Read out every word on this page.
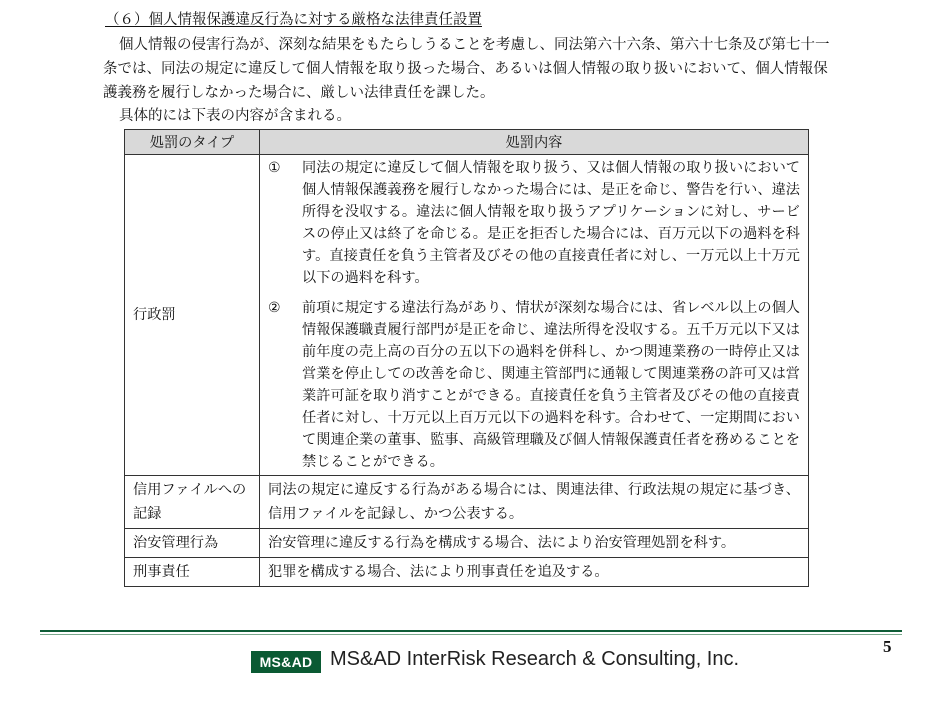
（６）個人情報保護違反行為に対する厳格な法律責任設置

個人情報の侵害行為が、深刻な結果をもたらしうることを考慮し、同法第六十六条、第六十七条及び第七十一条では、同法の規定に違反して個人情報を取り扱った場合、あるいは個人情報の取り扱いにおいて、個人情報保護義務を履行しなかった場合に、厳しい法律責任を課した。

具体的には下表の内容が含まれる。

処罰のタイプ	処罰内容
行政罰	① 同法の規定に違反して個人情報を取り扱う、又は個人情報の取り扱いにおいて個人情報保護義務を履行しなかった場合には、是正を命じ、警告を行い、違法所得を没収する。違法に個人情報を取り扱うアプリケーションに対し、サービスの停止又は終了を命じる。是正を拒否した場合には、百万元以下の過料を科す。直接責任を負う主管者及びその他の直接責任者に対し、一万元以上十万元以下の過料を科す。
② 前項に規定する違法行為があり、情状が深刻な場合には、省レベル以上の個人情報保護職責履行部門が是正を命じ、違法所得を没収する。五千万元以下又は前年度の売上高の百分の五以下の過料を併科し、かつ関連業務の一時停止又は営業を停止しての改善を命じ、関連主管部門に通報して関連業務の許可又は営業許可証を取り消すことができる。直接責任を負う主管者及びその他の直接責任者に対し、十万元以上百万元以下の過料を科す。合わせて、一定期間において関連企業の董事、監事、高級管理職及び個人情報保護責任者を務めることを禁じることができる。

信用ファイルへの記録	同法の規定に違反する行為がある場合には、関連法律、行政法規の規定に基づき、信用ファイルを記録し、かつ公表する。
治安管理行為	治安管理に違反する行為を構成する場合、法により治安管理処罰を科す。
刑事責任	犯罪を構成する場合、法により刑事責任を追及する。
MS&AD MS&AD InterRisk Research & Consulting, Inc.
5
